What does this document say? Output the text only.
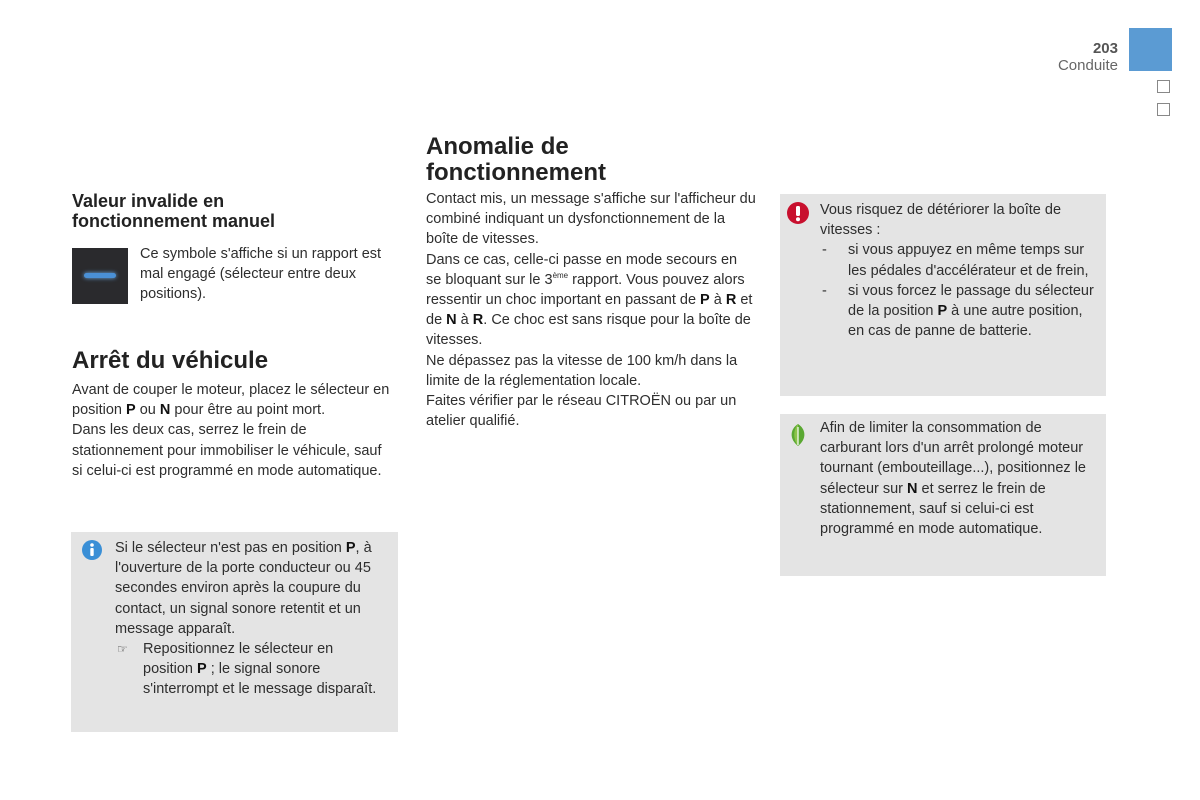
203
Conduite
Valeur invalide en
fonctionnement manuel
Ce symbole s'affiche si un rapport est mal engagé (sélecteur entre deux positions).
Arrêt du véhicule
Avant de couper le moteur, placez le sélecteur en position P ou N pour être au point mort.
Dans les deux cas, serrez le frein de stationnement pour immobiliser le véhicule, sauf si celui-ci est programmé en mode automatique.
Si le sélecteur n'est pas en position P, à l'ouverture de la porte conducteur ou 45 secondes environ après la coupure du contact, un signal sonore retentit et un message apparaît.
☞ Repositionnez le sélecteur en position P ; le signal sonore s'interrompt et le message disparaît.
Anomalie de
fonctionnement
Contact mis, un message s'affiche sur l'afficheur du combiné indiquant un dysfonctionnement de la boîte de vitesses.
Dans ce cas, celle-ci passe en mode secours en se bloquant sur le 3ème rapport. Vous pouvez alors ressentir un choc important en passant de P à R et de N à R. Ce choc est sans risque pour la boîte de vitesses.
Ne dépassez pas la vitesse de 100 km/h dans la limite de la réglementation locale.
Faites vérifier par le réseau CITROËN ou par un atelier qualifié.
Vous risquez de détériorer la boîte de vitesses :
- si vous appuyez en même temps sur les pédales d'accélérateur et de frein,
- si vous forcez le passage du sélecteur de la position P à une autre position, en cas de panne de batterie.
Afin de limiter la consommation de carburant lors d'un arrêt prolongé moteur tournant (embouteillage...), positionnez le sélecteur sur N et serrez le frein de stationnement, sauf si celui-ci est programmé en mode automatique.
